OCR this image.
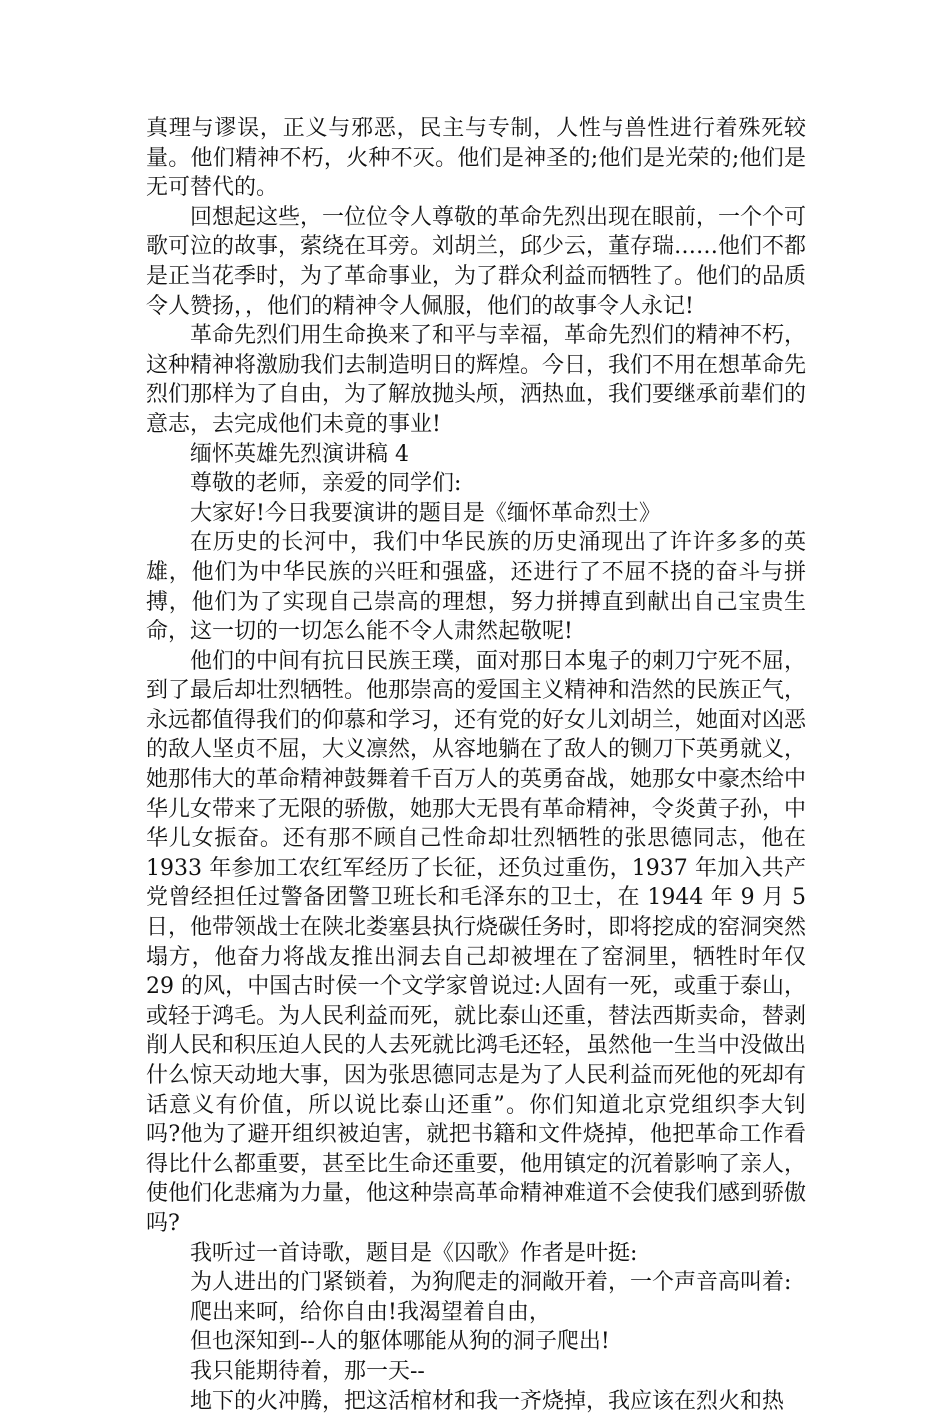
真理与谬误，正义与邪恶，民主与专制，人性与兽性进行着殊死较量。他们精神不朽，火种不灭。他们是神圣的;他们是光荣的;他们是无可替代的。

回想起这些，一位位令人尊敬的革命先烈出现在眼前，一个个可歌可泣的故事，萦绕在耳旁。刘胡兰，邱少云，董存瑞……他们不都是正当花季时，为了革命事业，为了群众利益而牺牲了。他们的品质令人赞扬，，他们的精神令人佩服，他们的故事令人永记!

革命先烈们用生命换来了和平与幸福，革命先烈们的精神不朽，这种精神将激励我们去制造明日的辉煌。今日，我们不用在想革命先烈们那样为了自由，为了解放抛头颅，洒热血，我们要继承前辈们的意志，去完成他们未竟的事业!

缅怀英雄先烈演讲稿 4

尊敬的老师，亲爱的同学们:

大家好!今日我要演讲的题目是《缅怀革命烈士》

在历史的长河中，我们中华民族的历史涌现出了许许多多的英雄，他们为中华民族的兴旺和强盛，还进行了不屈不挠的奋斗与拼搏，他们为了实现自己崇高的理想，努力拼搏直到献出自己宝贵生命，这一切的一切怎么能不令人肃然起敬呢!

他们的中间有抗日民族王璞，面对那日本鬼子的刺刀宁死不屈，到了最后却壮烈牺牲。他那崇高的爱国主义精神和浩然的民族正气，永远都值得我们的仰慕和学习，还有党的好女儿刘胡兰，她面对凶恶的敌人坚贞不屈，大义凛然，从容地躺在了敌人的铡刀下英勇就义，她那伟大的革命精神鼓舞着千百万人的英勇奋战，她那女中豪杰给中华儿女带来了无限的骄傲，她那大无畏有革命精神，令炎黄子孙，中华儿女振奋。还有那不顾自己性命却壮烈牺牲的张思德同志，他在 1933 年参加工农红军经历了长征，还负过重伤，1937 年加入共产党曾经担任过警备团警卫班长和毛泽东的卫士，在 1944 年 9 月 5 日，他带领战士在陕北娄塞县执行烧碳任务时，即将挖成的窑洞突然塌方，他奋力将战友推出洞去自己却被埋在了窑洞里，牺牲时年仅 29 的风，中国古时侯一个文学家曾说过:人固有一死，或重于泰山，或轻于鸿毛。为人民利益而死，就比泰山还重，替法西斯卖命，替剥削人民和积压迫人民的人去死就比鸿毛还轻，虽然他一生当中没做出什么惊天动地大事，因为张思德同志是为了人民利益而死他的死却有话意义有价值，所以说比泰山还重”。你们知道北京党组织李大钊吗?他为了避开组织被迫害，就把书籍和文件烧掉，他把革命工作看得比什么都重要，甚至比生命还重要，他用镇定的沉着影响了亲人，使他们化悲痛为力量，他这种崇高革命精神难道不会使我们感到骄傲吗?

我听过一首诗歌，题目是《囚歌》作者是叶挺:

为人进出的门紧锁着，为狗爬走的洞敞开着，一个声音高叫着:

爬出来呵，给你自由!我渴望着自由，

但也深知到--人的躯体哪能从狗的洞子爬出!

我只能期待着，那一天--

地下的火冲腾，把这活棺材和我一齐烧掉，我应该在烈火和热
